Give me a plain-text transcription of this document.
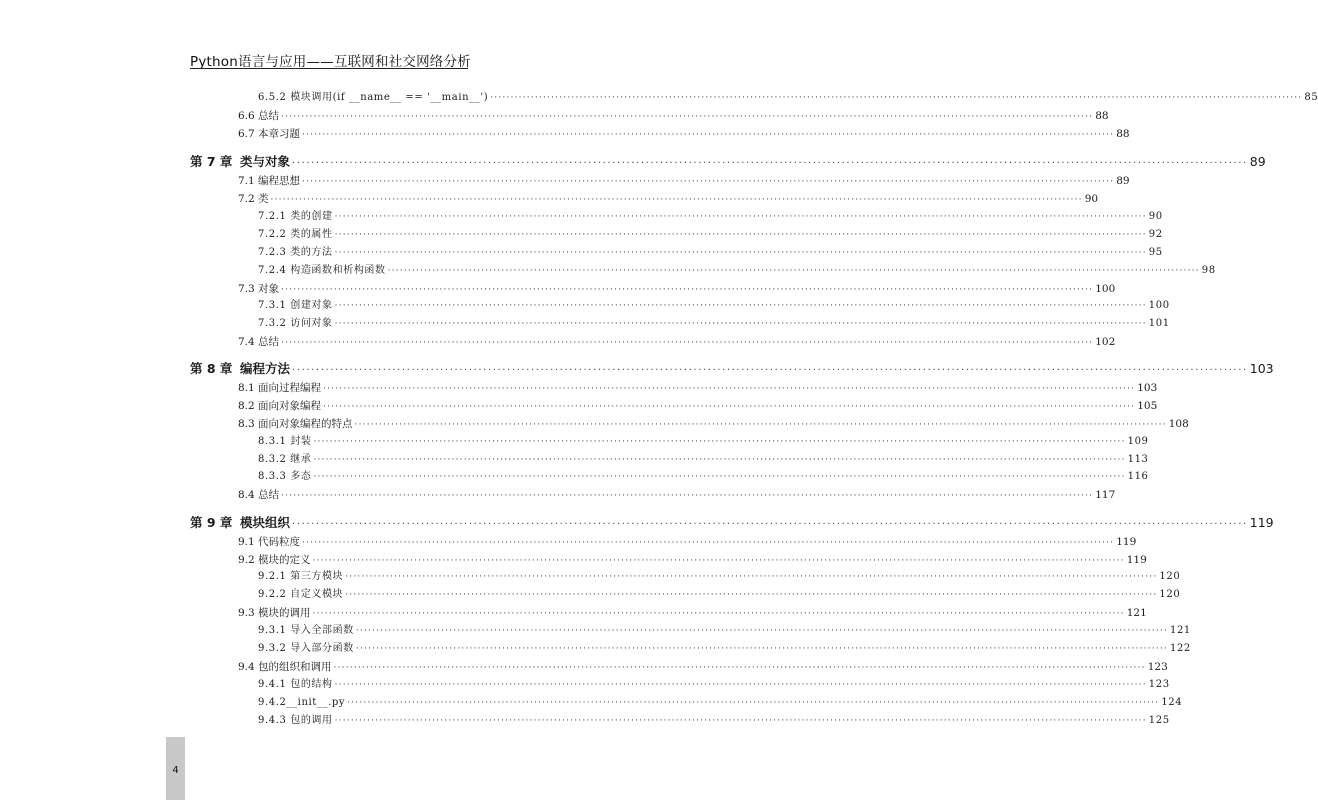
Python语言与应用——互联网和社交网络分析
6.5.2 模块调用(if __name__ == '__main__') ········································································································································································································ 85
6.6 总结 ········································································································································································································ 88
6.7 本章习题 ········································································································································································································ 88
第 7 章 类与对象 ········································································································································································································ 89
7.1 编程思想 ········································································································································································································ 89
7.2 类 ········································································································································································································ 90
7.2.1 类的创建 ········································································································································································································ 90
7.2.2 类的属性 ········································································································································································································ 92
7.2.3 类的方法 ········································································································································································································ 95
7.2.4 构造函数和析构函数 ········································································································································································································ 98
7.3 对象 ········································································································································································································ 100
7.3.1 创建对象 ········································································································································································································ 100
7.3.2 访问对象 ········································································································································································································ 101
7.4 总结 ········································································································································································································ 102
第 8 章 编程方法 ········································································································································································································ 103
8.1 面向过程编程 ········································································································································································································ 103
8.2 面向对象编程 ········································································································································································································ 105
8.3 面向对象编程的特点 ········································································································································································································ 108
8.3.1 封装 ········································································································································································································ 109
8.3.2 继承 ········································································································································································································ 113
8.3.3 多态 ········································································································································································································ 116
8.4 总结 ········································································································································································································ 117
第 9 章 模块组织 ········································································································································································································ 119
9.1 代码粒度 ········································································································································································································ 119
9.2 模块的定义 ········································································································································································································ 119
9.2.1 第三方模块 ········································································································································································································ 120
9.2.2 自定义模块 ········································································································································································································ 120
9.3 模块的调用 ········································································································································································································ 121
9.3.1 导入全部函数 ········································································································································································································ 121
9.3.2 导入部分函数 ········································································································································································································ 122
9.4 包的组织和调用 ········································································································································································································ 123
9.4.1 包的结构 ········································································································································································································ 123
9.4.2__init__.py ········································································································································································································ 124
9.4.3 包的调用 ········································································································································································································ 125
4
